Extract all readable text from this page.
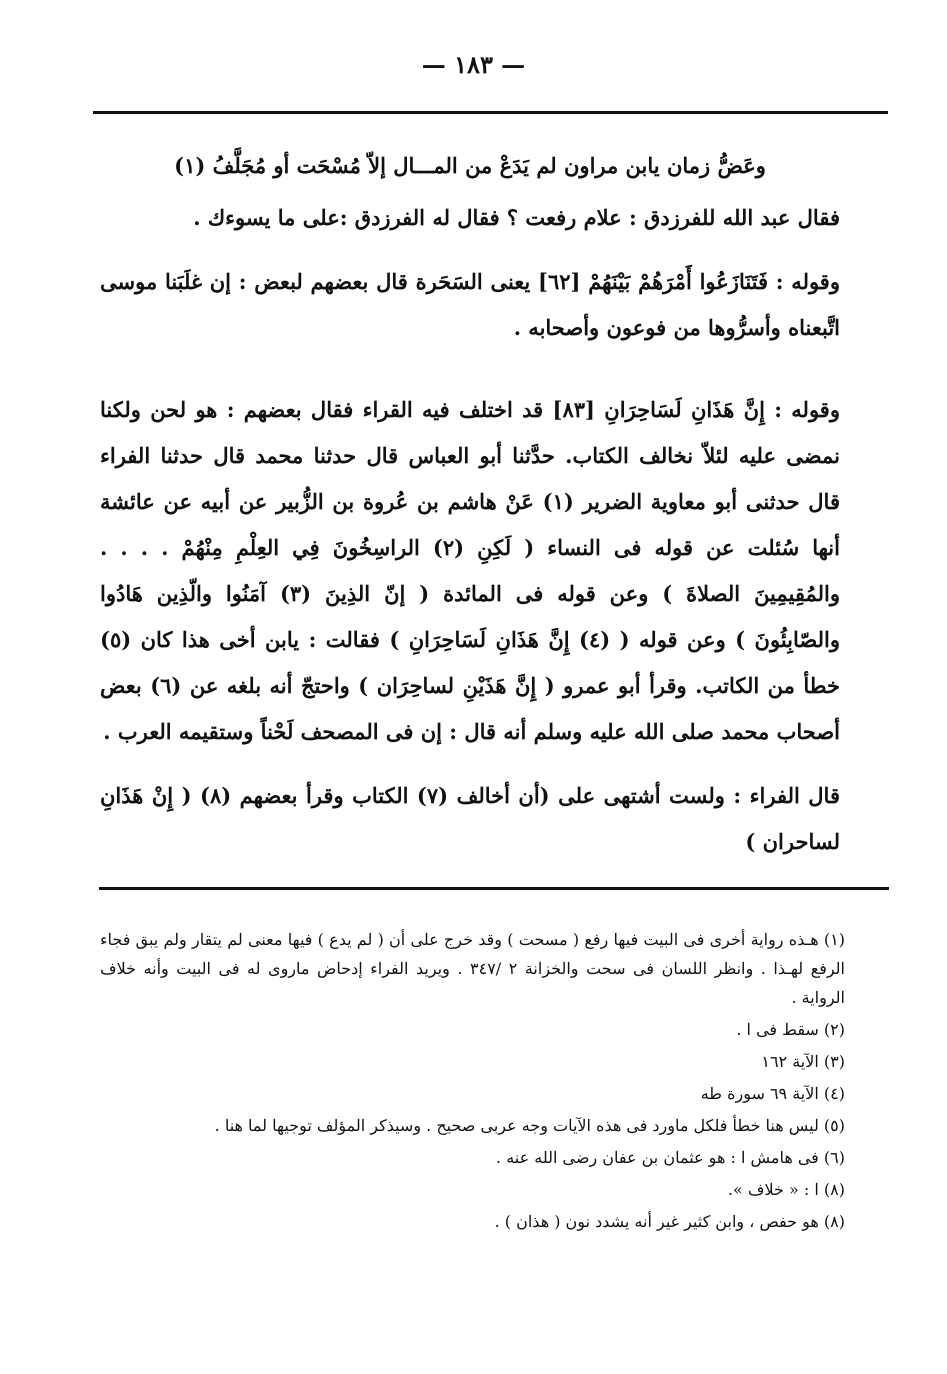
— ١٨٣ —

وعَضُّ زمان يابن مراون لم يَدَعْ من المـــال إلاّ مُسْحَت أو مُجَلَّفُ (١)

فقال عبد الله للفرزدق : علام رفعت ؟ فقال له الفرزدق :على ما يسوءك .

وقوله : فَتَنَازَعُوا أَمْرَهُمْ بَيْنَهُمْ [٦٢] يعنى السَحَرة قال بعضهم لبعض : إن غلَبَنا موسى اتَّبعناه وأسرُّوها من فوعون وأصحابه .

وقوله : إِنَّ هَذَانِ لَسَاحِرَانِ [٨٣] قد اختلف فيه القراء فقال بعضهم : هو لحن ولكنا نمضى عليه لئلاّ نخالف الكتاب. حدَّثنا أبو العباس قال حدثنا محمد قال حدثنا الفراء قال حدثنى أبو معاوية الضرير (١) عَنْ هاشم بن عُروة بن الزُّبير عن أبيه عن عائشة أنها سُئلت عن قوله فى النساء ( لَكِنِ (٢) الراسِخُونَ فِي العِلْمِ مِنْهُمْ . . . . والمُقِيمِينَ الصلاةَ ) وعن قوله فى المائدة ( إنّ الذِينَ (٣) آمَنُوا والّذِين هَادُوا والصّابِئُونَ ) وعن قوله ( (٤) إِنَّ هَذَانِ لَسَاحِرَانِ ) فقالت : يابن أخى هذا كان (٥) خطأ من الكاتب. وقرأ أبو عمرو ( إِنَّ هَذَيْنِ لساحِرَان ) واحتجّ أنه بلغه عن (٦) بعض أصحاب محمد صلى الله عليه وسلم أنه قال : إن فى المصحف لَحْناً وستقيمه العرب .

قال الفراء : ولست أشتهى على (أن أخالف (٧) الكتاب وقرأ بعضهم (٨) ( إِنْ هَذَانِ لساحران )

(١) هـذه رواية أخرى فى البيت فيها رفع ( مسحت ) وقد خرج على أن ( لم يدع ) فيها معنى لم يتقار ولم يبق فجاء الرفع لهـذا . وانظر اللسان فى سحت والخزانة ٢ /٣٤٧ . ويريد الفراء إدحاض ماروى له فى البيت وأنه خلاف الرواية .

(٢) سقط فى ا .

(٣) الآية ١٦٢

(٤) الآية ٦٩ سورة طه

(٥) ليس هنا خطأ فلكل ماورد فى هذه الآيات وجه عربى صحيح . وسيذكر المؤلف توجيها لما هنا .

(٦) فى هامش ا : هو عثمان بن عفان رضى الله عنه .

(٨) ا : « خلاف ».

(٨) هو حفص ، وابن كثير غير أنه يشدد نون ( هذان ) .
